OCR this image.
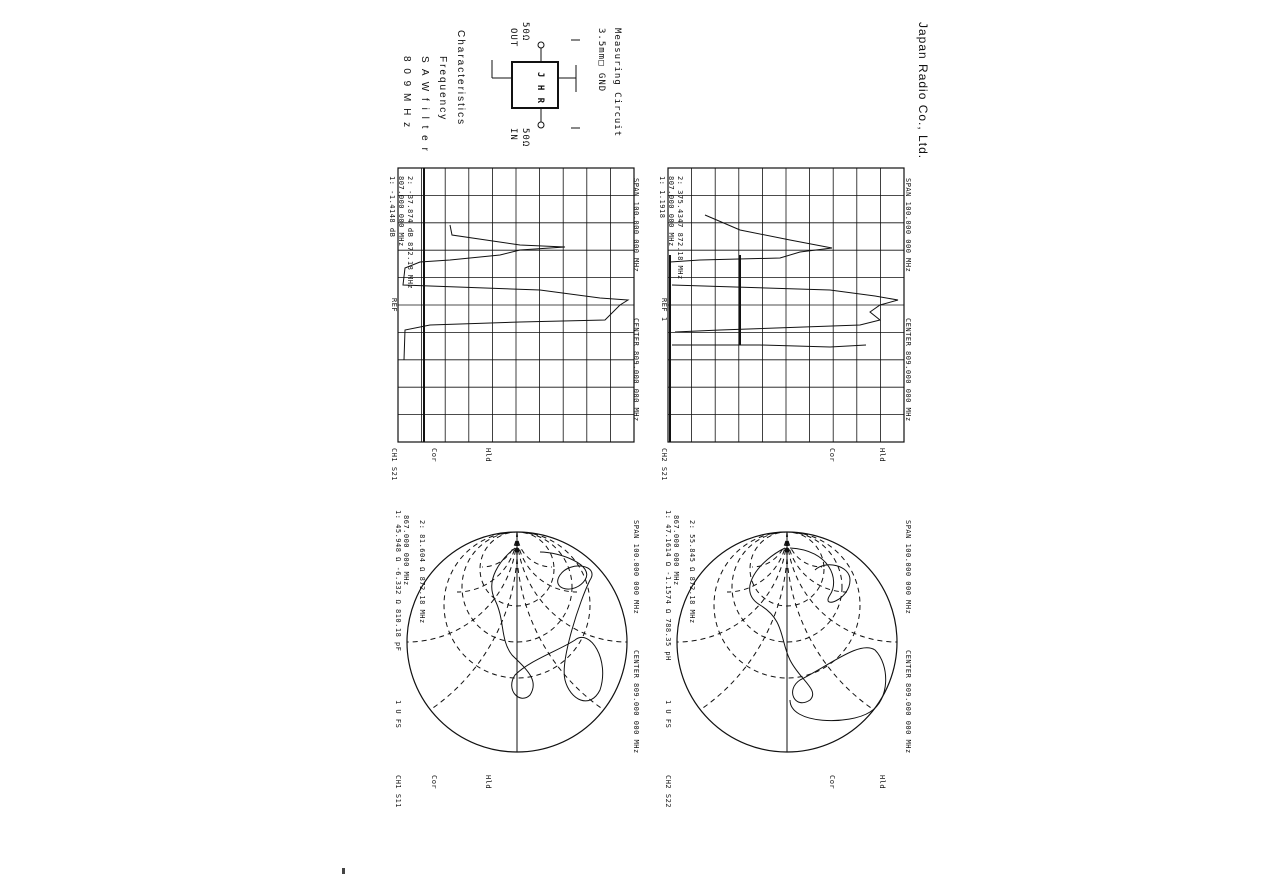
8 0 9 M H z S A W f i l t e r Frequency Characteristics	Japan Radio Co., Ltd.
OUT 50Ω
IN 50Ω
J H R	3.5mm□ GND Measuring Circuit
1: 45.948 Ω -6.332 Ω 810.18 pF 867.000 000 MHz 2: 81.604 Ω 872.18 MHz
CH1 S11
1 U FS
Cor	Hld
CENTER 809.000 000 MHz
SPAN 100.000 000 MHz	1: 47.1614 Ω -1.1574 Ω 788.35 pH 867.000 000 MHz 2: 55.845 Ω 872.18 MHz
CH2 S22
1 U FS
Cor	Hld
CENTER 809.000 000 MHz
SPAN 100.000 000 MHz
1: -1.4148 dB 807.000 000 MHz 2: -37.874 dB 872.18 MHz
CH1 S21
REF
Cor	Hld
CENTER 809.000 000 MHz
SPAN 100.000 000 MHz	1: 1.1918 807.000 000 MHz 2: 375.4347 872.18 MHz
CH2 S21
REF 1
Cor	Hld
CENTER 809.000 000 MHz
SPAN 100.000 000 MHz
